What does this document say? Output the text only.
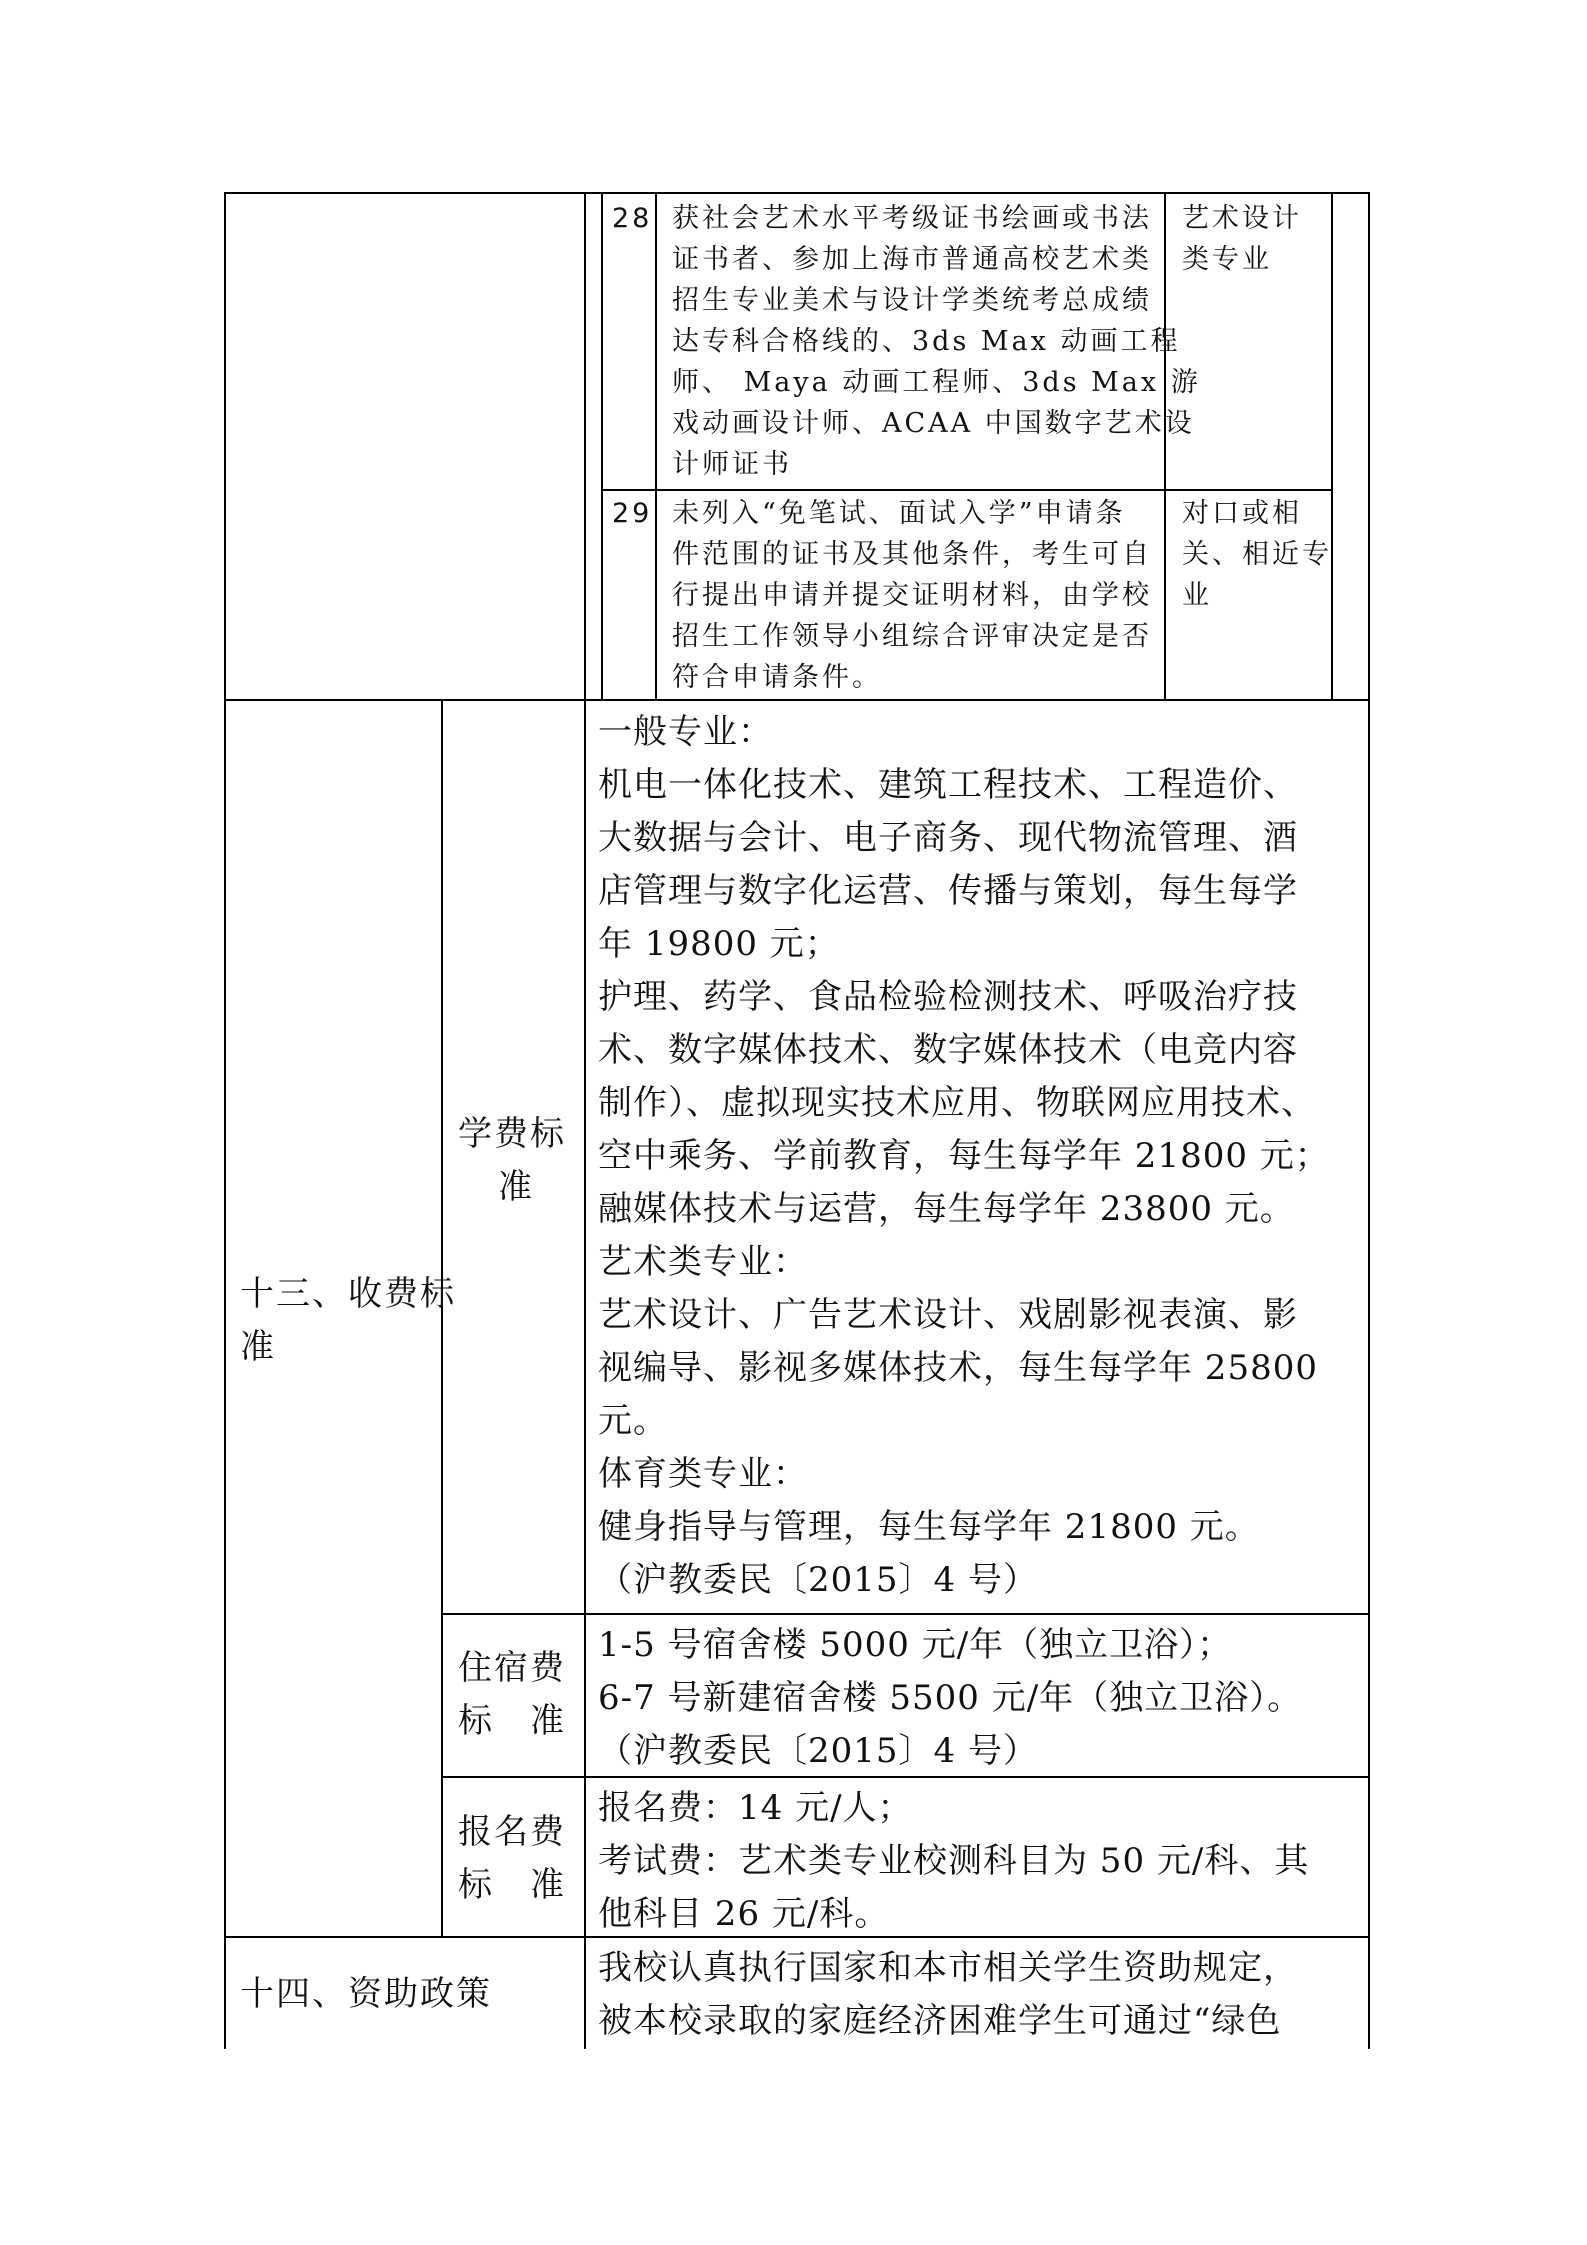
28 获社会艺术水平考级证书绘画或书法
证书者、参加上海市普通高校艺术类
招生专业美术与设计学类统考总成绩
达专科合格线的、3ds Max 动画工程
师、 Maya 动画工程师、3ds Max 游
戏动画设计师、ACAA 中国数字艺术设
计师证书
艺术设计
类专业
29 未列入“免笔试、面试入学”申请条
件范围的证书及其他条件，考生可自
行提出申请并提交证明材料，由学校
招生工作领导小组综合评审决定是否
符合申请条件。
对口或相
关、相近专
业
十三、收费标
准
学费标
准
一般专业：
机电一体化技术、建筑工程技术、工程造价、
大数据与会计、电子商务、现代物流管理、酒
店管理与数字化运营、传播与策划，每生每学
年 19800 元；
护理、药学、食品检验检测技术、呼吸治疗技
术、数字媒体技术、数字媒体技术（电竞内容
制作）、虚拟现实技术应用、物联网应用技术、
空中乘务、学前教育，每生每学年 21800 元；
融媒体技术与运营，每生每学年 23800 元。
艺术类专业：
艺术设计、广告艺术设计、戏剧影视表演、影
视编导、影视多媒体技术，每生每学年 25800
元。
体育类专业：
健身指导与管理，每生每学年 21800 元。
（沪教委民〔2015〕4 号）
住宿费
标　准
1-5 号宿舍楼 5000 元/年（独立卫浴）；
6-7 号新建宿舍楼 5500 元/年（独立卫浴）。
（沪教委民〔2015〕4 号）
报名费
标　准
报名费：14 元/人；
考试费：艺术类专业校测科目为 50 元/科、其
他科目 26 元/科。
十四、资助政策
我校认真执行国家和本市相关学生资助规定，
被本校录取的家庭经济困难学生可通过“绿色
